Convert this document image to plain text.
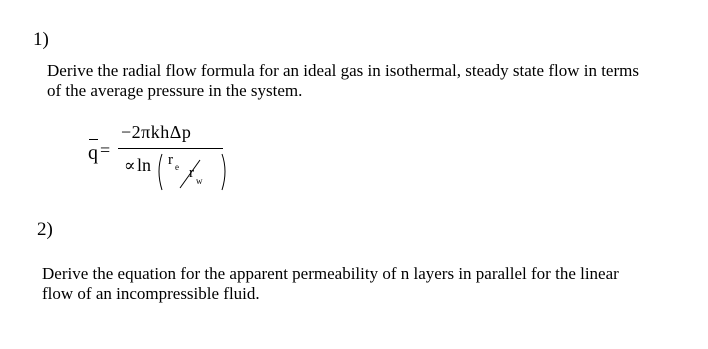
1)
Derive the radial flow formula for an ideal gas in isothermal, steady state flow in terms
of the average pressure in the system.
q =
−2πkhΔp
∝ ln r e r w
2)
Derive the equation for the apparent permeability of n layers in parallel for the linear
flow of an incompressible fluid.
